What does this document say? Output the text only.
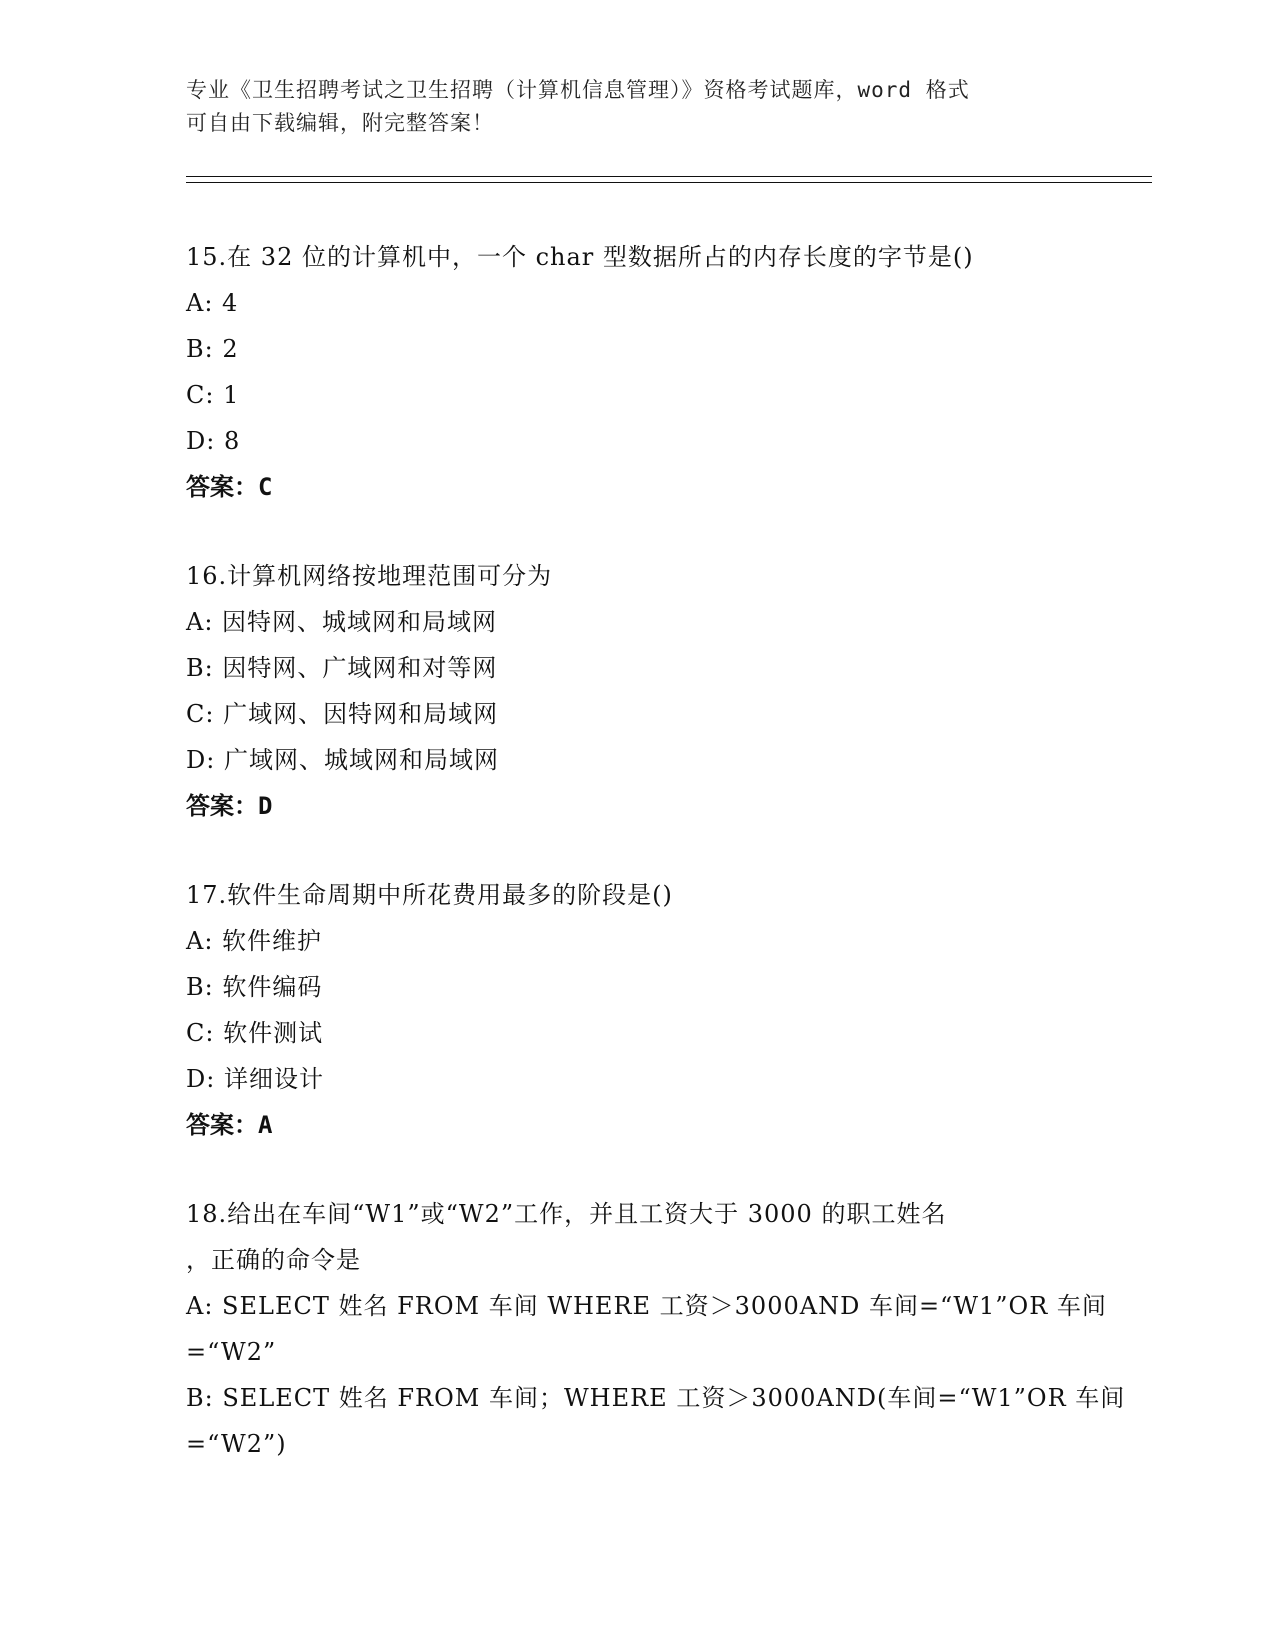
专业《卫生招聘考试之卫生招聘（计算机信息管理）》资格考试题库，word 格式
可自由下载编辑，附完整答案！
15.在 32 位的计算机中，一个 char 型数据所占的内存长度的字节是()
A: 4
B: 2
C: 1
D: 8
答案：C
16.计算机网络按地理范围可分为
A: 因特网、城域网和局域网
B: 因特网、广域网和对等网
C: 广域网、因特网和局域网
D: 广域网、城域网和局域网
答案：D
17.软件生命周期中所花费用最多的阶段是()
A: 软件维护
B: 软件编码
C: 软件测试
D: 详细设计
答案：A
18.给出在车间“W1”或“W2”工作，并且工资大于 3000 的职工姓名
，正确的命令是
A: SELECT 姓名 FROM 车间 WHERE 工资＞3000AND 车间=“W1”OR 车间
=“W2”
B: SELECT 姓名 FROM 车间；WHERE 工资＞3000AND(车间=“W1”OR 车间
=“W2”)
